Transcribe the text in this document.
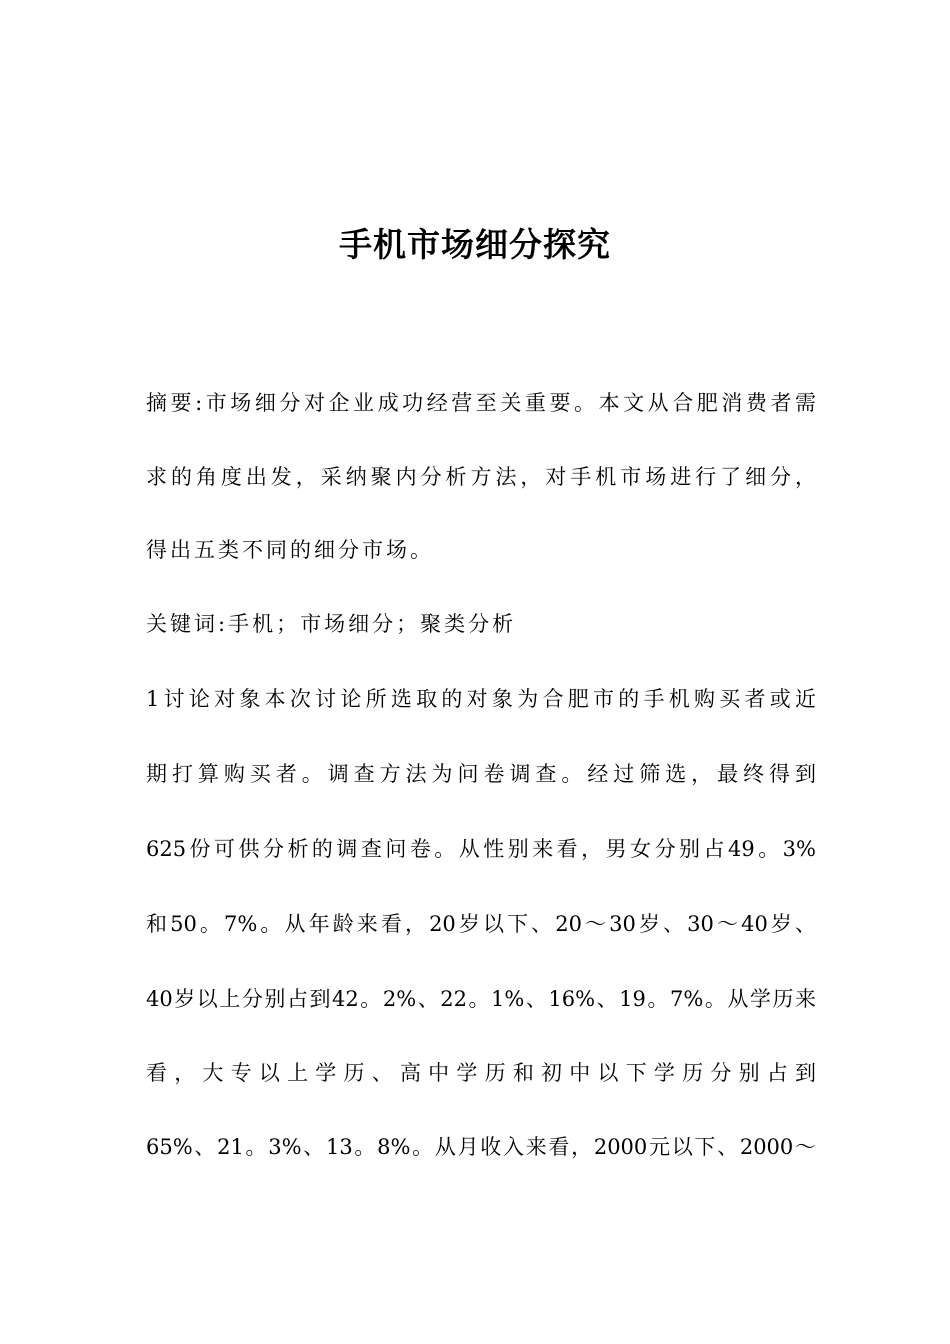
手机市场细分探究
摘要:市场细分对企业成功经营至关重要。本文从合肥消费者需
求的角度出发，采纳聚内分析方法，对手机市场进行了细分，
得出五类不同的细分市场。
关键词:手机；市场细分；聚类分析
1讨论对象本次讨论所选取的对象为合肥市的手机购买者或近
期打算购买者。调查方法为问卷调查。经过筛选，最终得到
625份可供分析的调查问卷。从性别来看，男女分别占49。3%
和50。7%。从年龄来看，20岁以下、20～30岁、30～40岁、
40岁以上分别占到42。2%、22。1%、16%、19。7%。从学历来
看，大专以上学历、高中学历和初中以下学历分别占到
65%、21。3%、13。8%。从月收入来看，2000元以下、2000～
